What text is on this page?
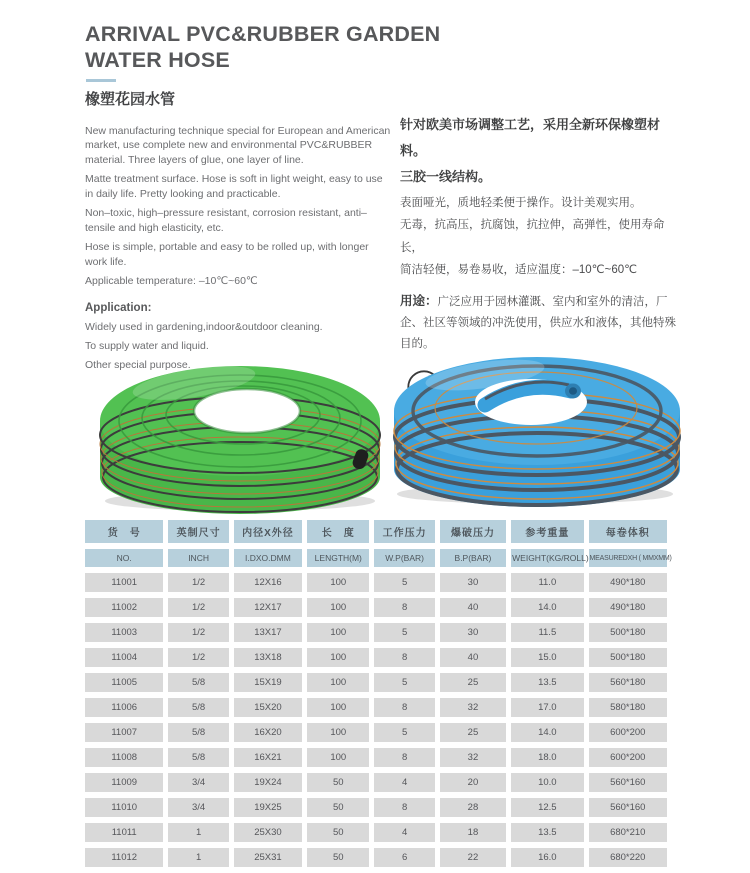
ARRIVAL PVC&RUBBER GARDEN
WATER HOSE
橡塑花园水管

New manufacturing technique special for European and American market, use complete new and environmental PVC&RUBBER material. Three layers of glue, one layer of line.

Matte treatment surface. Hose is soft in light weight, easy to use in daily life. Pretty looking and practicable.

Non–toxic, high–pressure resistant, corrosion resistant, anti–tensile and high elasticity, etc.

Hose is simple, portable and easy to be rolled up, with longer work life.

Applicable temperature: –10℃~60℃

Application:
Widely used in gardening,indoor&outdoor cleaning.
To supply water and liquid.
Other special purpose.
针对欧美市场调整工艺，采用全新环保橡塑材料。
三胶一线结构。
表面哑光，质地轻柔便于操作。设计美观实用。
无毒，抗高压，抗腐蚀，抗拉伸，高弹性，使用寿命长，
简洁轻便，易卷易收，适应温度：–10℃~60℃
用途：广泛应用于园林灌溉、室内和室外的清洁，厂企、社区等领域的冲洗使用，供应水和液体，其他特殊目的。
货　号	英制尺寸	内径X外径	长　度	工作压力	爆破压力	参考重量	每卷体积
NO.	INCH	I.DXO.DMM	LENGTH(M)	W.P(BAR)	B.P(BAR)	WEIGHT(KG/ROLL)	MEASUREDXH ( MMXMM)
11001	1/2	12X16	100	5	30	11.0	490*180
11002	1/2	12X17	100	8	40	14.0	490*180
11003	1/2	13X17	100	5	30	11.5	500*180
11004	1/2	13X18	100	8	40	15.0	500*180
11005	5/8	15X19	100	5	25	13.5	560*180
11006	5/8	15X20	100	8	32	17.0	580*180
11007	5/8	16X20	100	5	25	14.0	600*200
11008	5/8	16X21	100	8	32	18.0	600*200
11009	3/4	19X24	50	4	20	10.0	560*160
11010	3/4	19X25	50	8	28	12.5	560*160
11011	1	25X30	50	4	18	13.5	680*210
11012	1	25X31	50	6	22	16.0	680*220
